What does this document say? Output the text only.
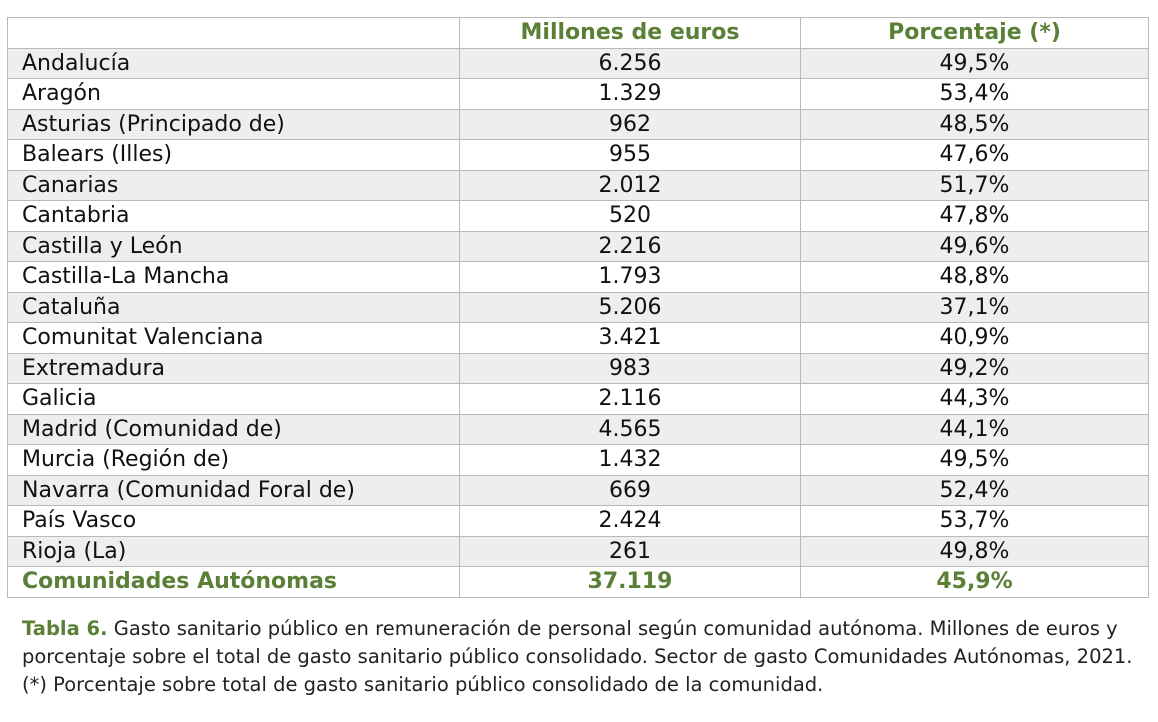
	Millones de euros	Porcentaje (*)
Andalucía	6.256	49,5%
Aragón	1.329	53,4%
Asturias (Principado de)	962	48,5%
Balears (Illes)	955	47,6%
Canarias	2.012	51,7%
Cantabria	520	47,8%
Castilla y León	2.216	49,6%
Castilla-La Mancha	1.793	48,8%
Cataluña	5.206	37,1%
Comunitat Valenciana	3.421	40,9%
Extremadura	983	49,2%
Galicia	2.116	44,3%
Madrid (Comunidad de)	4.565	44,1%
Murcia (Región de)	1.432	49,5%
Navarra (Comunidad Foral de)	669	52,4%
País Vasco	2.424	53,7%
Rioja (La)	261	49,8%
Comunidades Autónomas	37.119	45,9%
Tabla 6. Gasto sanitario público en remuneración de personal según comunidad autónoma. Millones de euros y porcentaje sobre el total de gasto sanitario público consolidado. Sector de gasto Comunidades Autónomas, 2021. (*) Porcentaje sobre total de gasto sanitario público consolidado de la comunidad.
